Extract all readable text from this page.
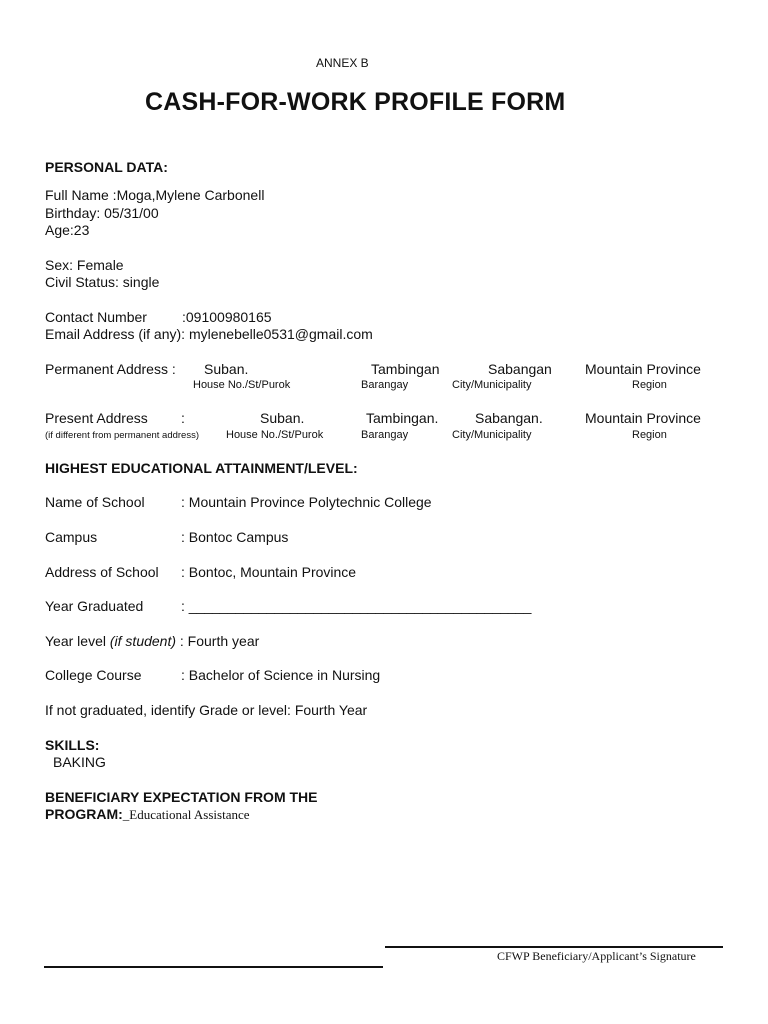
ANNEX B
CASH-FOR-WORK PROFILE FORM
PERSONAL DATA:
Full Name :Moga,Mylene Carbonell
Birthday: 05/31/00
Age:23
Sex: Female
Civil Status: single
Contact Number	:09100980165
Email Address (if any): mylenebelle0531@gmail.com
Permanent Address : Suban.	Tambingan	Sabangan Mountain Province
House No./St/Purok	Barangay	City/Municipality	Region
Present Address :	Suban.	Tambingan.	Sabangan.	Mountain Province
(if different from permanent address) House No./St/Purok	Barangay	City/Municipality	Region
HIGHEST EDUCATIONAL ATTAINMENT/LEVEL:
Name of School	: Mountain Province Polytechnic College
Campus	: Bontoc Campus
Address of School : Bontoc, Mountain Province
Year Graduated	: ____________________________________________
Year level (if student) : Fourth year
College Course	: Bachelor of Science in Nursing
If not graduated, identify Grade or level: Fourth Year
SKILLS:
BAKING
BENEFICIARY EXPECTATION FROM THE
PROGRAM:_Educational Assistance
CFWP Beneficiary/Applicant’s Signature
